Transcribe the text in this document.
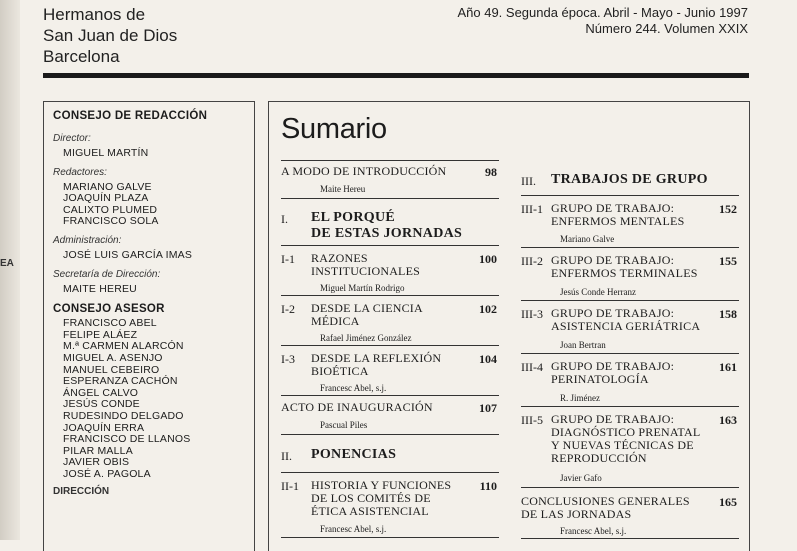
EA
Hermanos de
San Juan de Dios
Barcelona
Año 49. Segunda época. Abril - Mayo - Junio 1997
Número 244. Volumen XXIX
CONSEJO DE REDACCIÓN
Director:
MIGUEL MARTÍN
Redactores:
MARIANO GALVE
JOAQUÍN PLAZA
CALIXTO PLUMED
FRANCISCO SOLA
Administración:
JOSÉ LUIS GARCÍA IMAS
Secretaría de Dirección:
MAITE HEREU
CONSEJO ASESOR
FRANCISCO ABEL
FELIPE ALÁEZ
M.ª CARMEN ALARCÓN
MIGUEL A. ASENJO
MANUEL CEBEIRO
ESPERANZA CACHÓN
ÁNGEL CALVO
JESÚS CONDE
RUDESINDO DELGADO
JOAQUÍN ERRA
FRANCISCO DE LLANOS
PILAR MALLA
JAVIER OBIS
JOSÉ A. PAGOLA
DIRECCIÓN
Sumario
A MODO DE INTRODUCCIÓN	98
Maite Hereu
I. EL PORQUÉ
DE ESTAS JORNADAS
I-1 RAZONES INSTITUCIONALES
100
Miguel Martín Rodrigo
I-2 DESDE LA CIENCIA MÉDICA
102
Rafael Jiménez González
I-3 DESDE LA REFLEXIÓN BIOÉTICA
104
Francesc Abel, s.j.
ACTO DE INAUGURACIÓN	107
Pascual Piles
II. PONENCIAS
II-1 HISTORIA Y FUNCIONES DE LOS COMITÉS DE ÉTICA ASISTENCIAL
110
Francesc Abel, s.j.
III. TRABAJOS DE GRUPO
III-1 GRUPO DE TRABAJO: ENFERMOS MENTALES
152
Mariano Galve
III-2 GRUPO DE TRABAJO: ENFERMOS TERMINALES
155
Jesús Conde Herranz
III-3 GRUPO DE TRABAJO: ASISTENCIA GERIÁTRICA
158
Joan Bertran
III-4 GRUPO DE TRABAJO: PERINATOLOGÍA
161
R. Jiménez
III-5 GRUPO DE TRABAJO: DIAGNÓSTICO PRENATAL Y NUEVAS TÉCNICAS DE REPRODUCCIÓN
163
Javier Gafo
CONCLUSIONES GENERALES DE LAS JORNADAS
165
Francesc Abel, s.j.
